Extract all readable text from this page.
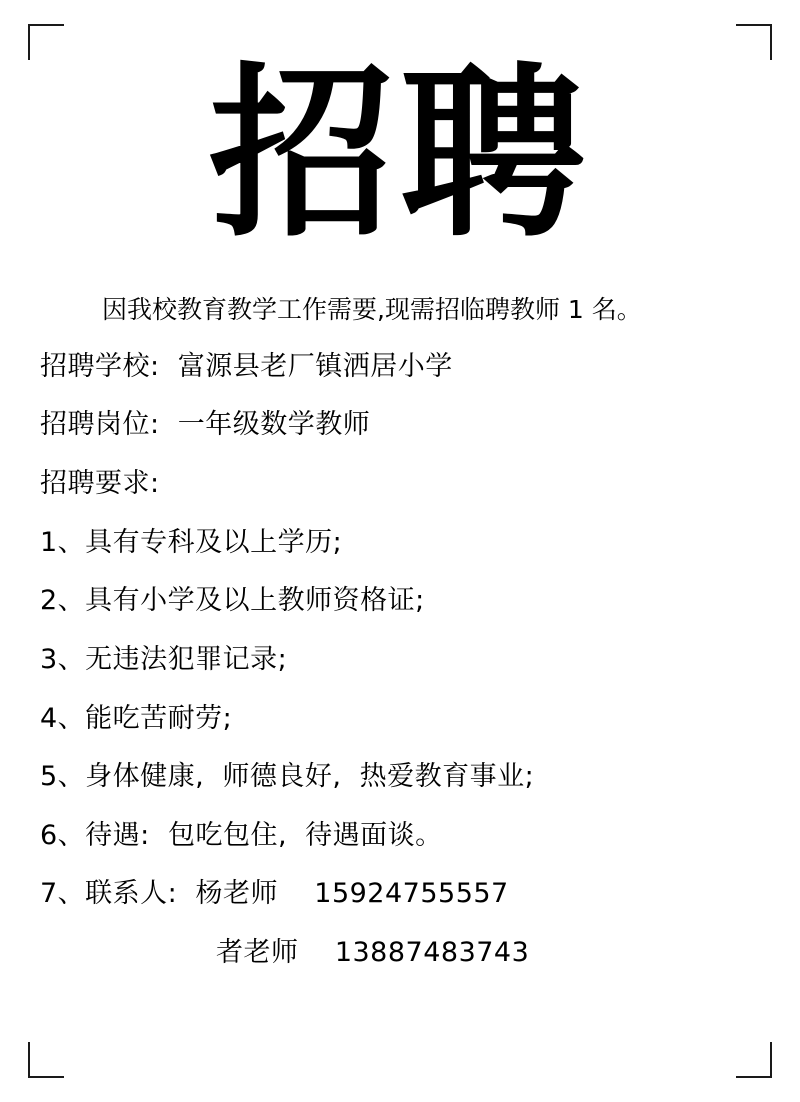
招聘

因我校教育教学工作需要,现需招临聘教师 1 名。

招聘学校:  富源县老厂镇洒居小学

招聘岗位:  一年级数学教师

招聘要求:

1、具有专科及以上学历;

2、具有小学及以上教师资格证;

3、无违法犯罪记录;

4、能吃苦耐劳;

5、身体健康,  师德良好,  热爱教育事业;

6、待遇:  包吃包住,  待遇面谈。

7、联系人:  杨老师    15924755557

者老师    13887483743
